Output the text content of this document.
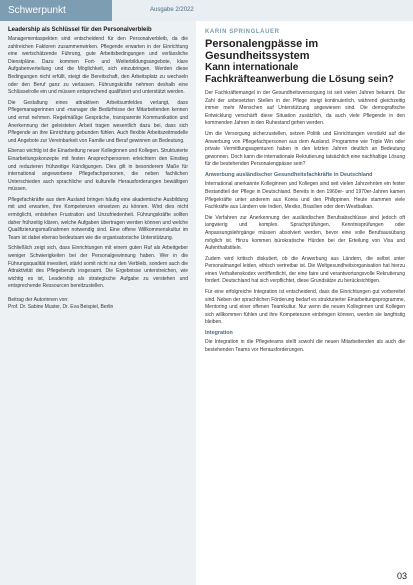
Schwerpunkt	Ausgabe 2/2022
Leadership als Schlüssel für den Personalverbleib

Managementaspekten sind entscheidend für den Personalverbleib, da die zahlreichen Faktoren zusammenwirken. Pflegende erwarten in der Einrichtung eine wertschätzende Führung, gute Arbeitsbedingungen und verlässliche Dienstpläne. Dazu kommen Fort- und Weiterbildungsangebote, klare Aufgabenverteilung und die Möglichkeit, sich einzubringen. Werden diese Bedingungen nicht erfüllt, steigt die Bereitschaft, den Arbeitsplatz zu wechseln oder den Beruf ganz zu verlassen. Führungskräfte nehmen deshalb eine Schlüsselrolle ein und müssen entsprechend qualifiziert und unterstützt werden.

Die Gestaltung eines attraktiven Arbeitsumfeldes verlangt, dass Pflegemanagerinnen und -manager die Bedürfnisse der Mitarbeitenden kennen und ernst nehmen. Regelmäßige Gespräche, transparente Kommunikation und Anerkennung der geleisteten Arbeit tragen wesentlich dazu bei, dass sich Pflegende an ihre Einrichtung gebunden fühlen. Auch flexible Arbeitszeitmodelle und Angebote zur Vereinbarkeit von Familie und Beruf gewinnen an Bedeutung.

Ebenso wichtig ist die Einarbeitung neuer Kolleginnen und Kollegen. Strukturierte Einarbeitungskonzepte mit festen Ansprechpersonen erleichtern den Einstieg und reduzieren frühzeitige Kündigungen. Dies gilt in besonderem Maße für international angeworbene Pflegefachpersonen, die neben fachlichen Unterschieden auch sprachliche und kulturelle Herausforderungen bewältigen müssen.

Pflegefachkräfte aus dem Ausland bringen häufig eine akademische Ausbildung mit und erwarten, ihre Kompetenzen einsetzen zu können. Wird dies nicht ermöglicht, entstehen Frustration und Unzufriedenheit. Führungskräfte sollten daher frühzeitig klären, welche Aufgaben übertragen werden können und welche Qualifizierungsmaßnahmen notwendig sind. Eine offene Willkommenskultur im Team ist dabei ebenso bedeutsam wie die organisatorische Unterstützung.

Schließlich zeigt sich, dass Einrichtungen mit einem guten Ruf als Arbeitgeber weniger Schwierigkeiten bei der Personalgewinnung haben. Wer in die Führungsqualität investiert, stärkt somit nicht nur den Verbleib, sondern auch die Attraktivität des Pflegeberufs insgesamt. Die Ergebnisse unterstreichen, wie wichtig es ist, Leadership als strategische Aufgabe zu verstehen und entsprechende Ressourcen bereitzustellen.

Beitrag der Autorinnen von:
Prof. Dr. Sabine Muster, Dr. Eva Beispiel, Berlin
KARIN SPRINGLAUER
Personalengpässe im Gesundheitssystem
Kann internationale Fachkräfteanwerbung die Lösung sein?

Der Fachkräftemangel in der Gesundheitsversorgung ist seit vielen Jahren bekannt. Die Zahl der unbesetzten Stellen in der Pflege steigt kontinuierlich, während gleichzeitig immer mehr Menschen auf Unterstützung angewiesen sind. Die demografische Entwicklung verschärft diese Situation zusätzlich, da auch viele Pflegende in den kommenden Jahren in den Ruhestand gehen werden.

Um die Versorgung sicherzustellen, setzen Politik und Einrichtungen verstärkt auf die Anwerbung von Pflegefachpersonen aus dem Ausland. Programme wie Triple Win oder private Vermittlungsagenturen haben in den letzten Jahren deutlich an Bedeutung gewonnen. Doch kann die internationale Rekrutierung tatsächlich eine nachhaltige Lösung für die bestehenden Personalengpässe sein?

Anwerbung ausländischer Gesundheitsfachkräfte in Deutschland

International anerkannte Kolleginnen und Kollegen sind seit vielen Jahrzehnten ein fester Bestandteil der Pflege in Deutschland. Bereits in den 1960er- und 1970er-Jahren kamen Pflegekräfte unter anderem aus Korea und den Philippinen. Heute stammen viele Fachkräfte aus Ländern wie Indien, Mexiko, Brasilien oder dem Westbalkan.

Die Verfahren zur Anerkennung der ausländischen Berufsabschlüsse sind jedoch oft langwierig und komplex. Sprachprüfungen, Kenntnisprüfungen oder Anpassungslehrgänge müssen absolviert werden, bevor eine volle Berufsausübung möglich ist. Hinzu kommen bürokratische Hürden bei der Erteilung von Visa und Aufenthaltstiteln.

Zudem wird kritisch diskutiert, ob die Anwerbung aus Ländern, die selbst unter Personalmangel leiden, ethisch vertretbar ist. Die Weltgesundheitsorganisation hat hierzu einen Verhaltenskodex veröffentlicht, der eine faire und verantwortungsvolle Rekrutierung fordert. Deutschland hat sich verpflichtet, diese Grundsätze zu berücksichtigen.

Für eine erfolgreiche Integration ist entscheidend, dass die Einrichtungen gut vorbereitet sind. Neben der sprachlichen Förderung bedarf es strukturierter Einarbeitungsprogramme, Mentoring und einer offenen Teamkultur. Nur wenn die neuen Kolleginnen und Kollegen sich willkommen fühlen und ihre Kompetenzen einbringen können, werden sie langfristig bleiben.

Integration

Die Integration in die Pflegeteams stellt sowohl die neuen Mitarbeitenden als auch die bestehenden Teams vor Herausforderungen.

03
